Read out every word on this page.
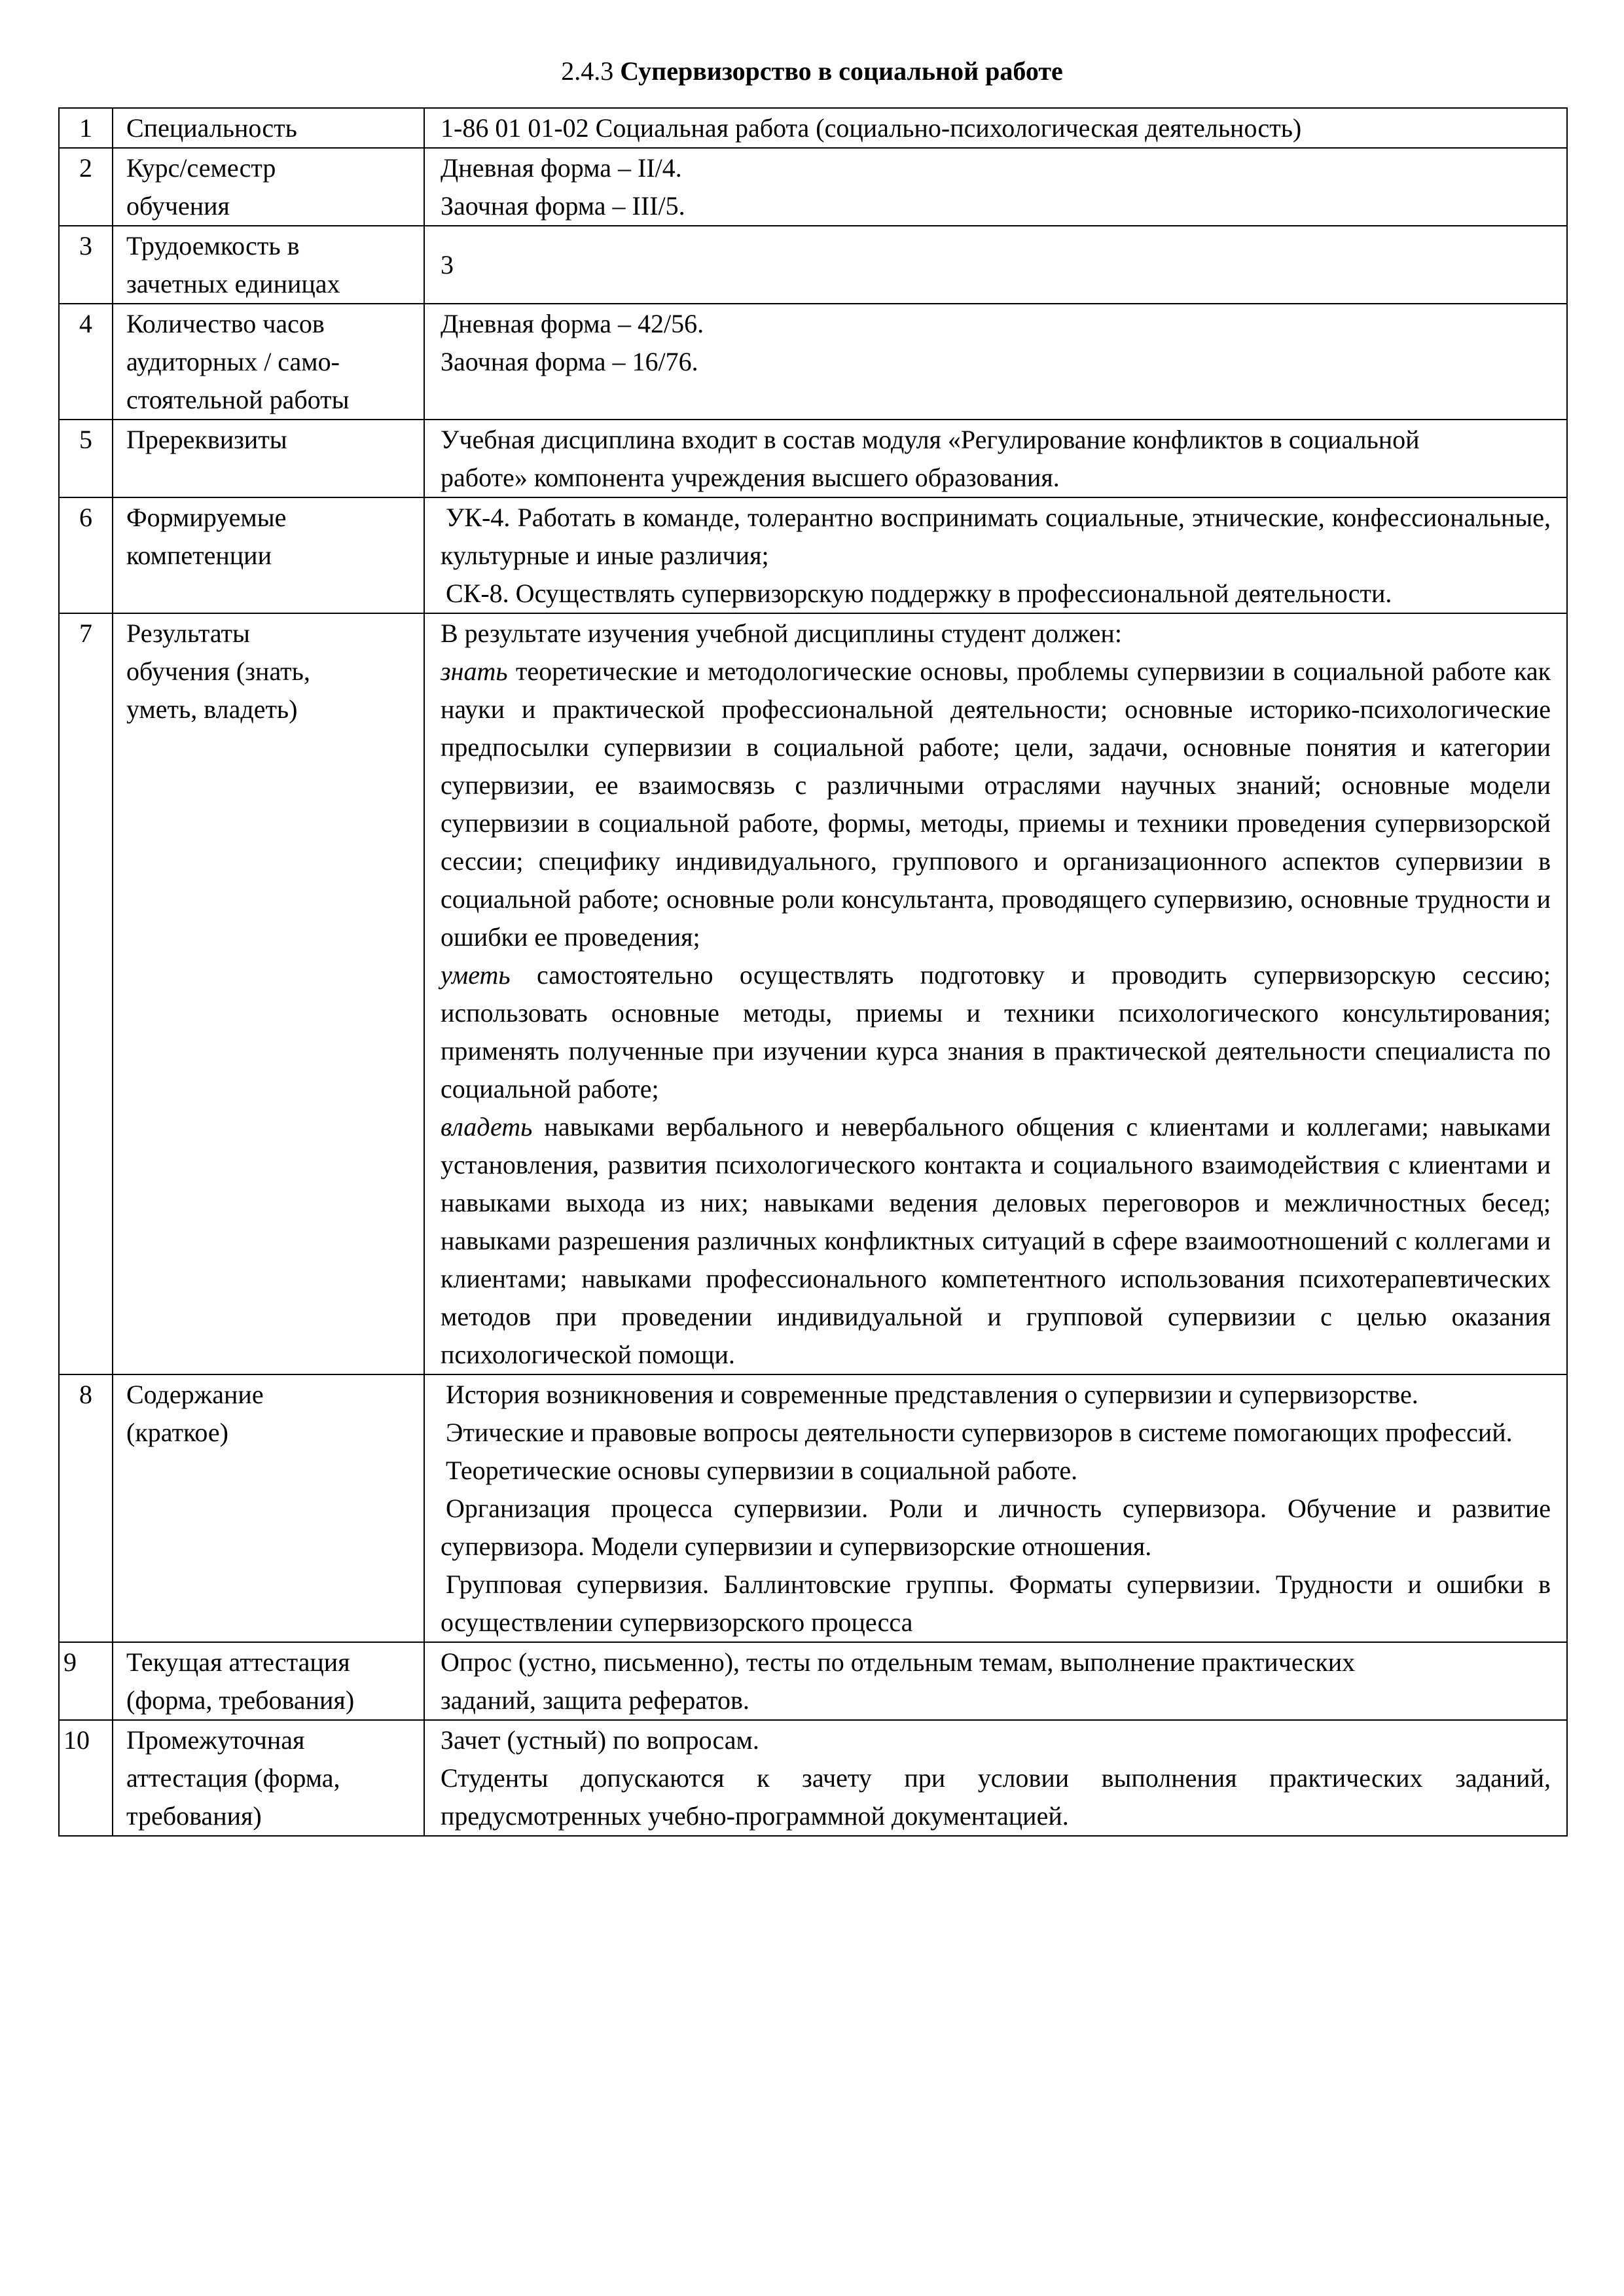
2.4.3 Супервизорство в социальной работе
1	Специальность	1-86 01 01-02 Социальная работа (социально-психологическая деятельность)
2	Курс/семестр обучения	Дневная форма – II/4.
Заочная форма – III/5.

3	Трудоемкость в зачетных единицах	3
4	Количество часов аудиторных / само-стоятельной работы	Дневная форма – 42/56.
Заочная форма – 16/76.

5	Пререквизиты	Учебная дисциплина входит в состав модуля «Регулирование конфликтов в социальной работе» компонента учреждения высшего образования.
6	Формируемые компетенции	УК-4. Работать в команде, толерантно воспринимать социальные, этнические, конфессиональные, культурные и иные различия;
СК-8. Осуществлять супервизорскую поддержку в профессиональной деятельности.

7	Результаты обучения (знать, уметь, владеть)	В результате изучения учебной дисциплины студент должен:
знать теоретические и методологические основы, проблемы супервизии в социальной работе как науки и практической профессиональной деятельности; основные историко-психологические предпосылки супервизии в социальной работе; цели, задачи, основные понятия и категории супервизии, ее взаимосвязь с различными отраслями научных знаний; основные модели супервизии в социальной работе, формы, методы, приемы и техники проведения супервизорской сессии; специфику индивидуального, группового и организационного аспектов супервизии в социальной работе; основные роли консультанта, проводящего супервизию, основные трудности и ошибки ее проведения;
уметь самостоятельно осуществлять подготовку и проводить супервизорскую сессию; использовать основные методы, приемы и техники психологического консультирования; применять полученные при изучении курса знания в практической деятельности специалиста по социальной работе;
владеть навыками вербального и невербального общения с клиентами и коллегами; навыками установления, развития психологического контакта и социального взаимодействия с клиентами и навыками выхода из них; навыками ведения деловых переговоров и межличностных бесед; навыками разрешения различных конфликтных ситуаций в сфере взаимоотношений с коллегами и клиентами; навыками профессионального компетентного использования психотерапевтических методов при проведении индивидуальной и групповой супервизии с целью оказания психологической помощи.

8	Содержание (краткое)	История возникновения и современные представления о супервизии и супервизорстве.
Этические и правовые вопросы деятельности супервизоров в системе помогающих профессий.
Теоретические основы супервизии в социальной работе.
Организация процесса супервизии. Роли и личность супервизора. Обучение и развитие супервизора. Модели супервизии и супервизорские отношения.
Групповая супервизия. Баллинтовские группы. Форматы супервизии. Трудности и ошибки в осуществлении супервизорского процесса

9	Текущая аттестация (форма, требования)	Опрос (устно, письменно), тесты по отдельным темам, выполнение практических заданий, защита рефератов.
10	Промежуточная аттестация (форма, требования)	Зачет (устный) по вопросам.
Студенты допускаются к зачету при условии выполнения практических заданий, предусмотренных учебно-программной документацией.
